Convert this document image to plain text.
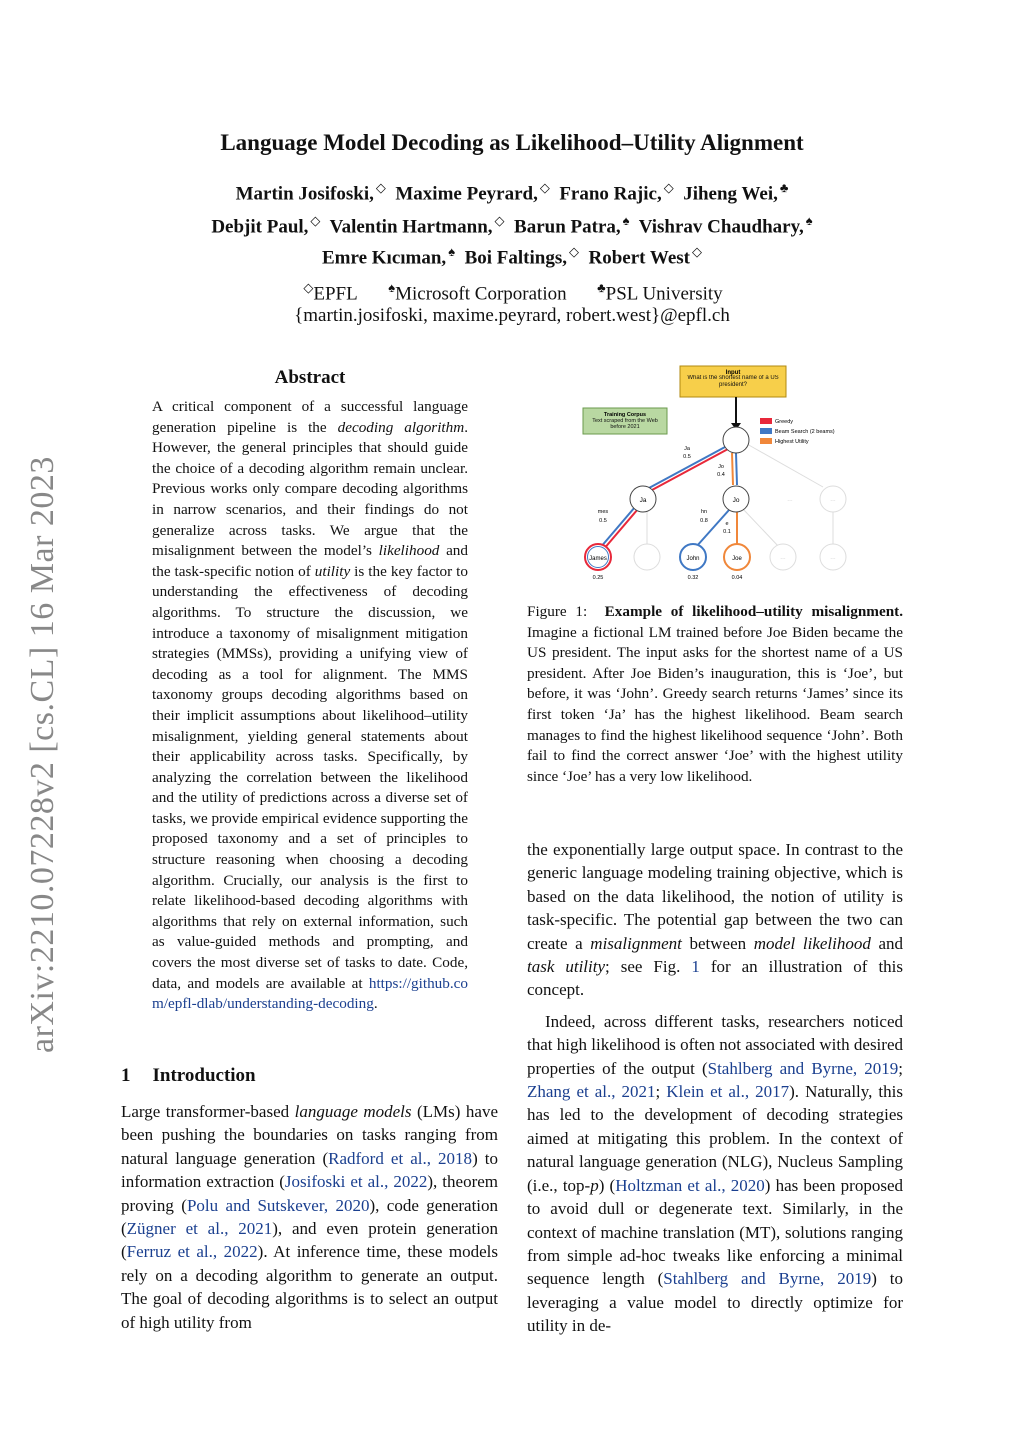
arXiv:2210.07228v2 [cs.CL] 16 Mar 2023
Language Model Decoding as Likelihood–Utility Alignment
Martin Josifoski, ◇ Maxime Peyrard, ◇ Frano Rajic, ◇ Jiheng Wei, ♣
Debjit Paul, ◇ Valentin Hartmann, ◇ Barun Patra, ♠ Vishrav Chaudhary, ♠
Emre Kıcıman, ♠ Boi Faltings, ◇ Robert West ◇
◇EPFL ♠Microsoft Corporation ♣PSL University
{martin.josifoski, maxime.peyrard, robert.west}@epfl.ch
Abstract
A critical component of a successful language generation pipeline is the decoding algorithm. However, the general principles that should guide the choice of a decoding algorithm remain unclear. Previous works only compare decoding algorithms in narrow scenarios, and their findings do not generalize across tasks. We argue that the misalignment between the model’s likelihood and the task-specific notion of utility is the key factor to understanding the effectiveness of decoding algorithms. To structure the discussion, we introduce a taxonomy of misalignment mitigation strategies (MMSs), providing a unifying view of decoding as a tool for alignment. The MMS taxonomy groups decoding algorithms based on their implicit assumptions about likelihood–utility misalignment, yielding general statements about their applicability across tasks. Specifically, by analyzing the correlation between the likelihood and the utility of predictions across a diverse set of tasks, we provide empirical evidence supporting the proposed taxonomy and a set of principles to structure reasoning when choosing a decoding algorithm. Crucially, our analysis is the first to relate likelihood-based decoding algorithms with algorithms that rely on external information, such as value-guided methods and prompting, and covers the most diverse set of tasks to date. Code, data, and models are available at https://github.com/epfl-dlab/understanding-decoding.
1 Introduction
Large transformer-based language models (LMs) have been pushing the boundaries on tasks ranging from natural language generation (Radford et al., 2018) to information extraction (Josifoski et al., 2022), theorem proving (Polu and Sutskever, 2020), code generation (Zügner et al., 2021), and even protein generation (Ferruz et al., 2022). At inference time, these models rely on a decoding algorithm to generate an output. The goal of decoding algorithms is to select an output of high utility from
Input
What is the shortest name of a US president?
Training Corpus
Text scraped from the Web before 2021
Greedy
Beam Search (2 beams)
Highest Utility
Ja	Jo	...
...
James	John	Joe	...	...
Ja
0.5
Jo
0.4
mes
0.5
hn
0.8	e
0.1
0.25	0.32	0.04
Figure 1: Example of likelihood–utility misalignment. Imagine a fictional LM trained before Joe Biden became the US president. The input asks for the shortest name of a US president. After Joe Biden’s inauguration, this is ‘Joe’, but before, it was ‘John’. Greedy search returns ‘James’ since its first token ‘Ja’ has the highest likelihood. Beam search manages to find the highest likelihood sequence ‘John’. Both fail to find the correct answer ‘Joe’ with the highest utility since ‘Joe’ has a very low likelihood.

the exponentially large output space. In contrast to the generic language modeling training objective, which is based on the data likelihood, the notion of utility is task-specific. The potential gap between the two can create a misalignment between model likelihood and task utility; see Fig. 1 for an illustration of this concept.

Indeed, across different tasks, researchers noticed that high likelihood is often not associated with desired properties of the output (Stahlberg and Byrne, 2019; Zhang et al., 2021; Klein et al., 2017). Naturally, this has led to the development of decoding strategies aimed at mitigating this problem. In the context of natural language generation (NLG), Nucleus Sampling (i.e., top-p) (Holtzman et al., 2020) has been proposed to avoid dull or degenerate text. Similarly, in the context of machine translation (MT), solutions ranging from simple ad-hoc tweaks like enforcing a minimal sequence length (Stahlberg and Byrne, 2019) to leveraging a value model to directly optimize for utility in de-
